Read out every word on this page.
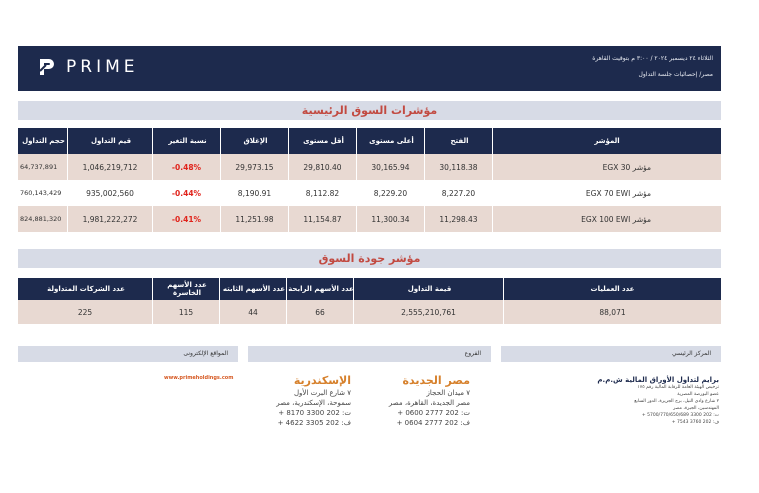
PRIME	الثلاثاء ٢٤ ديسمبر ٢٠٢٤ / ٣:٠٠ م بتوقيت القاهرة
مصر/ إحصائيات جلسة التداول
مؤشرات السوق الرئيسية
حجم التداول	قيم التداول	نسبة التغير	الإغلاق	أقل مستوى	أعلى مستوى	الفتح	المؤشر
64,737,891	1,046,219,712	-0.48%	29,973.15	29,810.40	30,165.94	30,118.38	مؤشر EGX 30
760,143,429	935,002,560	-0.44%	8,190.91	8,112.82	8,229.20	8,227.20	مؤشر EGX 70 EWI
824,881,320	1,981,222,272	-0.41%	11,251.98	11,154.87	11,300.34	11,298.43	مؤشر EGX 100 EWI
مؤشر جودة السوق
عدد الشركات المتداولة	عدد الأسهم الخاسرة	عدد الأسهم الثابته	عدد الأسهم الرابحة	قيمة التداول	عدد العمليات
225	115	44	66	2,555,210,761	88,071
المواقع الإلكترونى	الفروع	المركز الرئيسي
www.primeholdings.com	مصر الجديدة
٧ ميدان الحجاز
مصر الجديدة، القاهرة، مصر
ت: 202 2777 0600 +
ف: 202 2777 0604 +
الإسكندرية
٧ شارع البرت الأول
سموحة، الإسكندرية، مصر
ت: 202 3300 8170 +
ف: 202 3305 4622 +
برايم لتداول الأوراق المالية ش.م.م
ترخيص الهيئة العامة للرقابة المالية رقم ١٧٥
عضو البورصة المصرية
٢ شارع وادي النيل، برج الجزيرة، الدور السابع
المهندسين، الجيزة، مصر
ت: 202 3300 5700/770/650/689 +
ف: 202 3760 7543 +
